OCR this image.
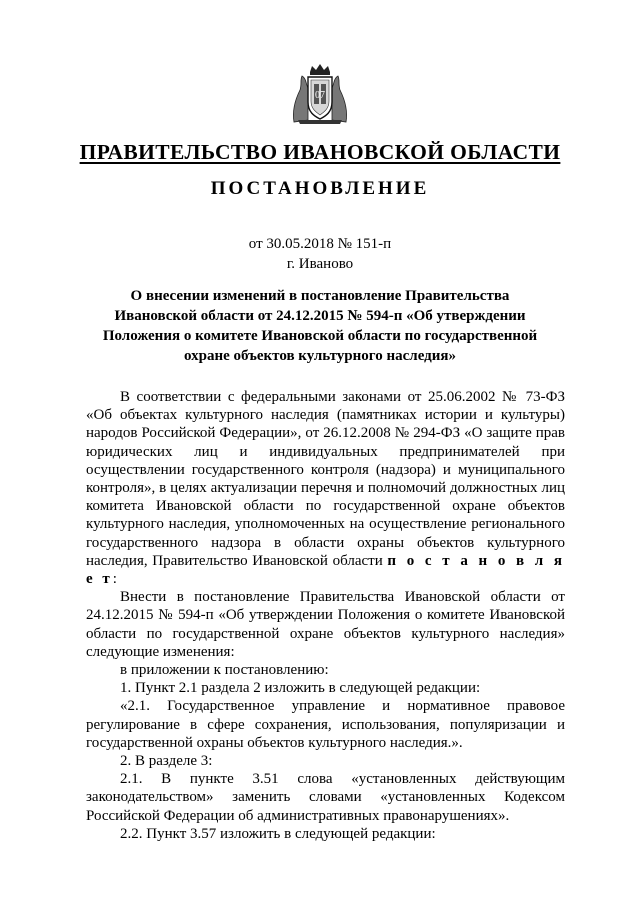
07
ПРАВИТЕЛЬСТВО ИВАНОВСКОЙ ОБЛАСТИ
ПОСТАНОВЛЕНИЕ
от 30.05.2018 № 151-п
г. Иваново
О внесении изменений в постановление Правительства
Ивановской области от 24.12.2015 № 594-п «Об утверждении
Положения о комитете Ивановской области по государственной
охране объектов культурного наследия»
В соответствии с федеральными законами от 25.06.2002 № 73-ФЗ «Об объектах культурного наследия (памятниках истории и культуры) народов Российской Федерации», от 26.12.2008 № 294-ФЗ «О защите прав юридических лиц и индивидуальных предпринимателей при осуществлении государственного контроля (надзора) и муниципального контроля», в целях актуализации перечня и полномочий должностных лиц комитета Ивановской области по государственной охране объектов культурного наследия, уполномоченных на осуществление регионального государственного надзора в области охраны объектов культурного наследия, Правительство Ивановской области п о с т а н о в л я е т:
Внести в постановление Правительства Ивановской области от 24.12.2015 № 594-п «Об утверждении Положения о комитете Ивановской области по государственной охране объектов культурного наследия» следующие изменения:
в приложении к постановлению:
1. Пункт 2.1 раздела 2 изложить в следующей редакции:
«2.1. Государственное управление и нормативное правовое регулирование в сфере сохранения, использования, популяризации и государственной охраны объектов культурного наследия.».
2. В разделе 3:
2.1. В пункте 3.51 слова «установленных действующим законодательством» заменить словами «установленных Кодексом Российской Федерации об административных правонарушениях».
2.2. Пункт 3.57 изложить в следующей редакции:
